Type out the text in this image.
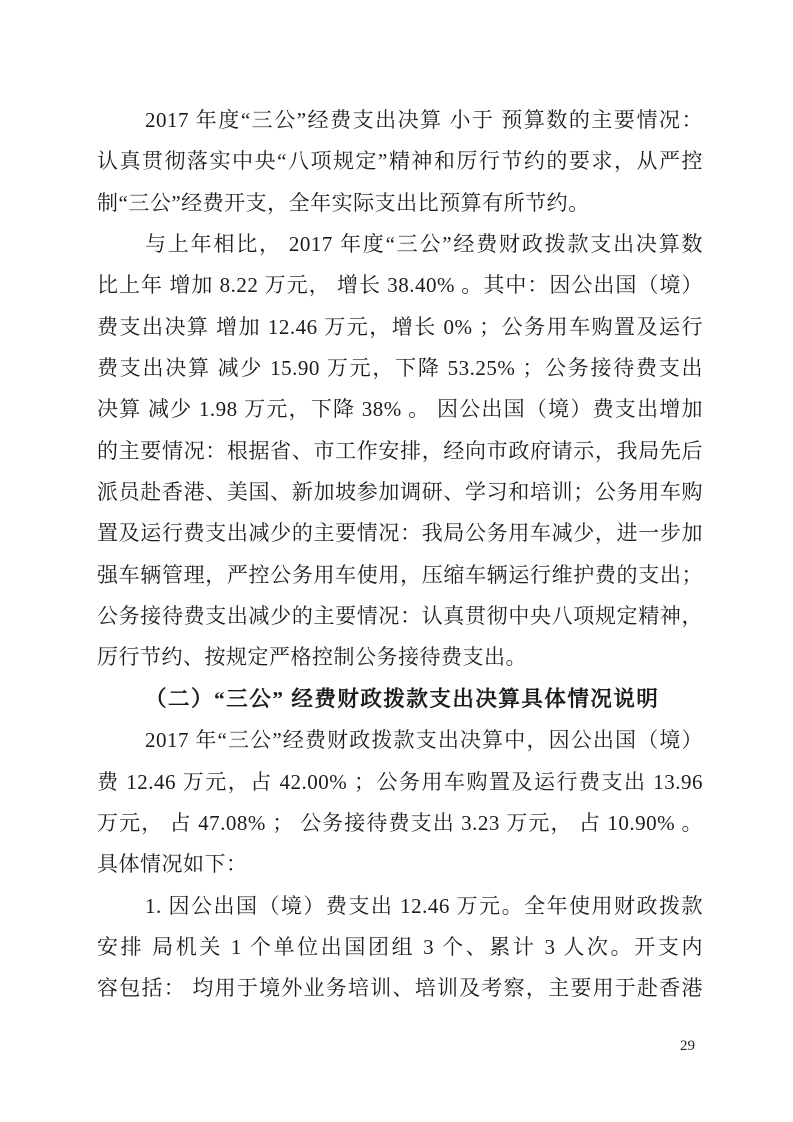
2017 年度“三公”经费支出决算 小于 预算数的主要情况：
认真贯彻落实中央“八项规定”精神和厉行节约的要求，从严控
制“三公”经费开支，全年实际支出比预算有所节约。
与上年相比， 2017 年度“三公”经费财政拨款支出决算数
比上年 增加 8.22 万元， 增长 38.40% 。其中：因公出国（境）
费支出决算 增加 12.46 万元，增长 0% ；公务用车购置及运行
费支出决算 减少 15.90 万元，下降 53.25% ；公务接待费支出
决算 减少 1.98 万元，下降 38% 。 因公出国（境）费支出增加
的主要情况：根据省、市工作安排，经向市政府请示，我局先后
派员赴香港、美国、新加坡参加调研、学习和培训；公务用车购
置及运行费支出减少的主要情况：我局公务用车减少，进一步加
强车辆管理，严控公务用车使用，压缩车辆运行维护费的支出；
公务接待费支出减少的主要情况：认真贯彻中央八项规定精神，
厉行节约、按规定严格控制公务接待费支出。
（二）“三公” 经费财政拨款支出决算具体情况说明
2017 年“三公”经费财政拨款支出决算中，因公出国（境）
费 12.46 万元，占 42.00% ；公务用车购置及运行费支出 13.96
万元， 占 47.08% ； 公务接待费支出 3.23 万元， 占 10.90% 。
具体情况如下：
1. 因公出国（境）费支出 12.46 万元。全年使用财政拨款
安排 局机关 1 个单位出国团组 3 个、累计 3 人次。开支内
容包括： 均用于境外业务培训、培训及考察，主要用于赴香港
29
